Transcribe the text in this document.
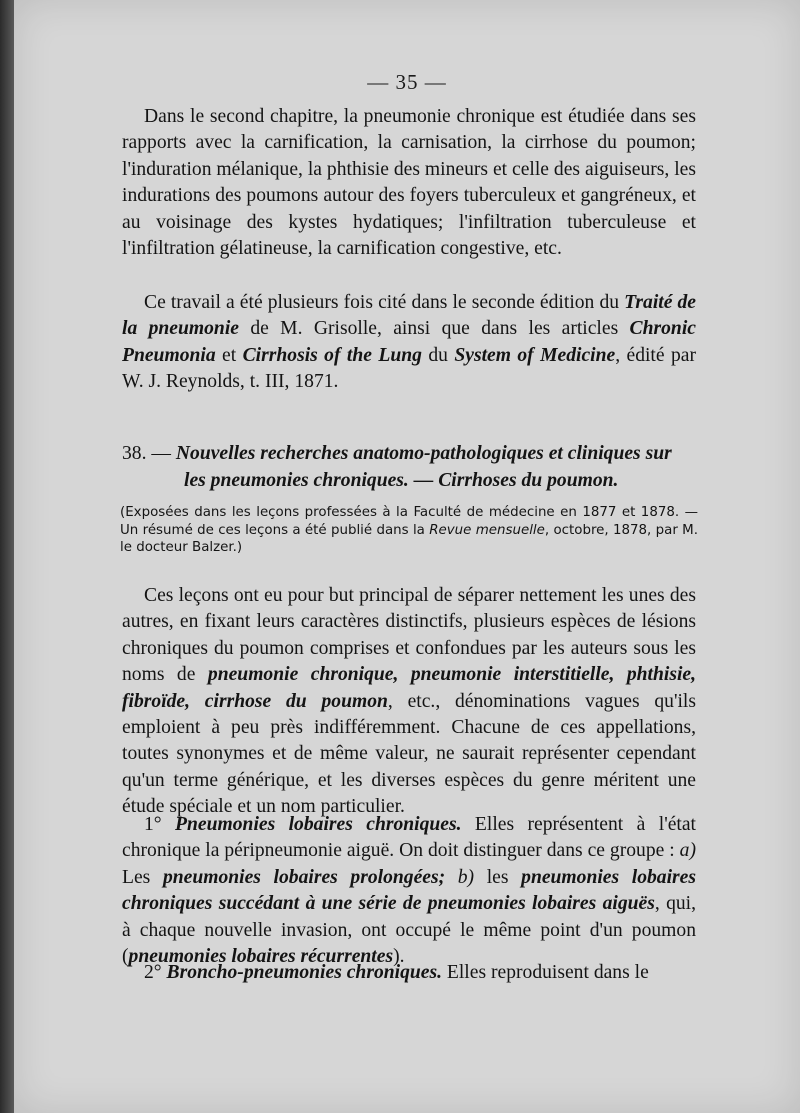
— 35 —

Dans le second chapitre, la pneumonie chronique est étudiée dans ses rapports avec la carnification, la carnisation, la cirrhose du poumon; l'induration mélanique, la phthisie des mineurs et celle des aiguiseurs, les indurations des poumons autour des foyers tuberculeux et gangréneux, et au voisinage des kystes hydatiques; l'infiltration tuberculeuse et l'infiltration gélatineuse, la carnification congestive, etc.

Ce travail a été plusieurs fois cité dans le seconde édition du Traité de la pneumonie de M. Grisolle, ainsi que dans les articles Chronic Pneumonia et Cirrhosis of the Lung du System of Medicine, édité par W. J. Reynolds, t. III, 1871.

38. — Nouvelles recherches anatomo-pathologiques et cliniques sur
les pneumonies chroniques. — Cirrhoses du poumon.

(Exposées dans les leçons professées à la Faculté de médecine en 1877 et 1878. — Un résumé de ces leçons a été publié dans la Revue mensuelle, octobre, 1878, par M. le docteur Balzer.)

Ces leçons ont eu pour but principal de séparer nettement les unes des autres, en fixant leurs caractères distinctifs, plusieurs espèces de lésions chroniques du poumon comprises et confondues par les auteurs sous les noms de pneumonie chronique, pneumonie interstitielle, phthisie, fibroïde, cirrhose du poumon, etc., dénominations vagues qu'ils emploient à peu près indifféremment. Chacune de ces appellations, toutes synonymes et de même valeur, ne saurait représenter cependant qu'un terme générique, et les diverses espèces du genre méritent une étude spéciale et un nom particulier.

1° Pneumonies lobaires chroniques. Elles représentent à l'état chronique la péripneumonie aiguë. On doit distinguer dans ce groupe : a) Les pneumonies lobaires prolongées; b) les pneumonies lobaires chroniques succédant à une série de pneumonies lobaires aiguës, qui, à chaque nouvelle invasion, ont occupé le même point d'un poumon (pneumonies lobaires récurrentes).

2° Broncho-pneumonies chroniques. Elles reproduisent dans le
